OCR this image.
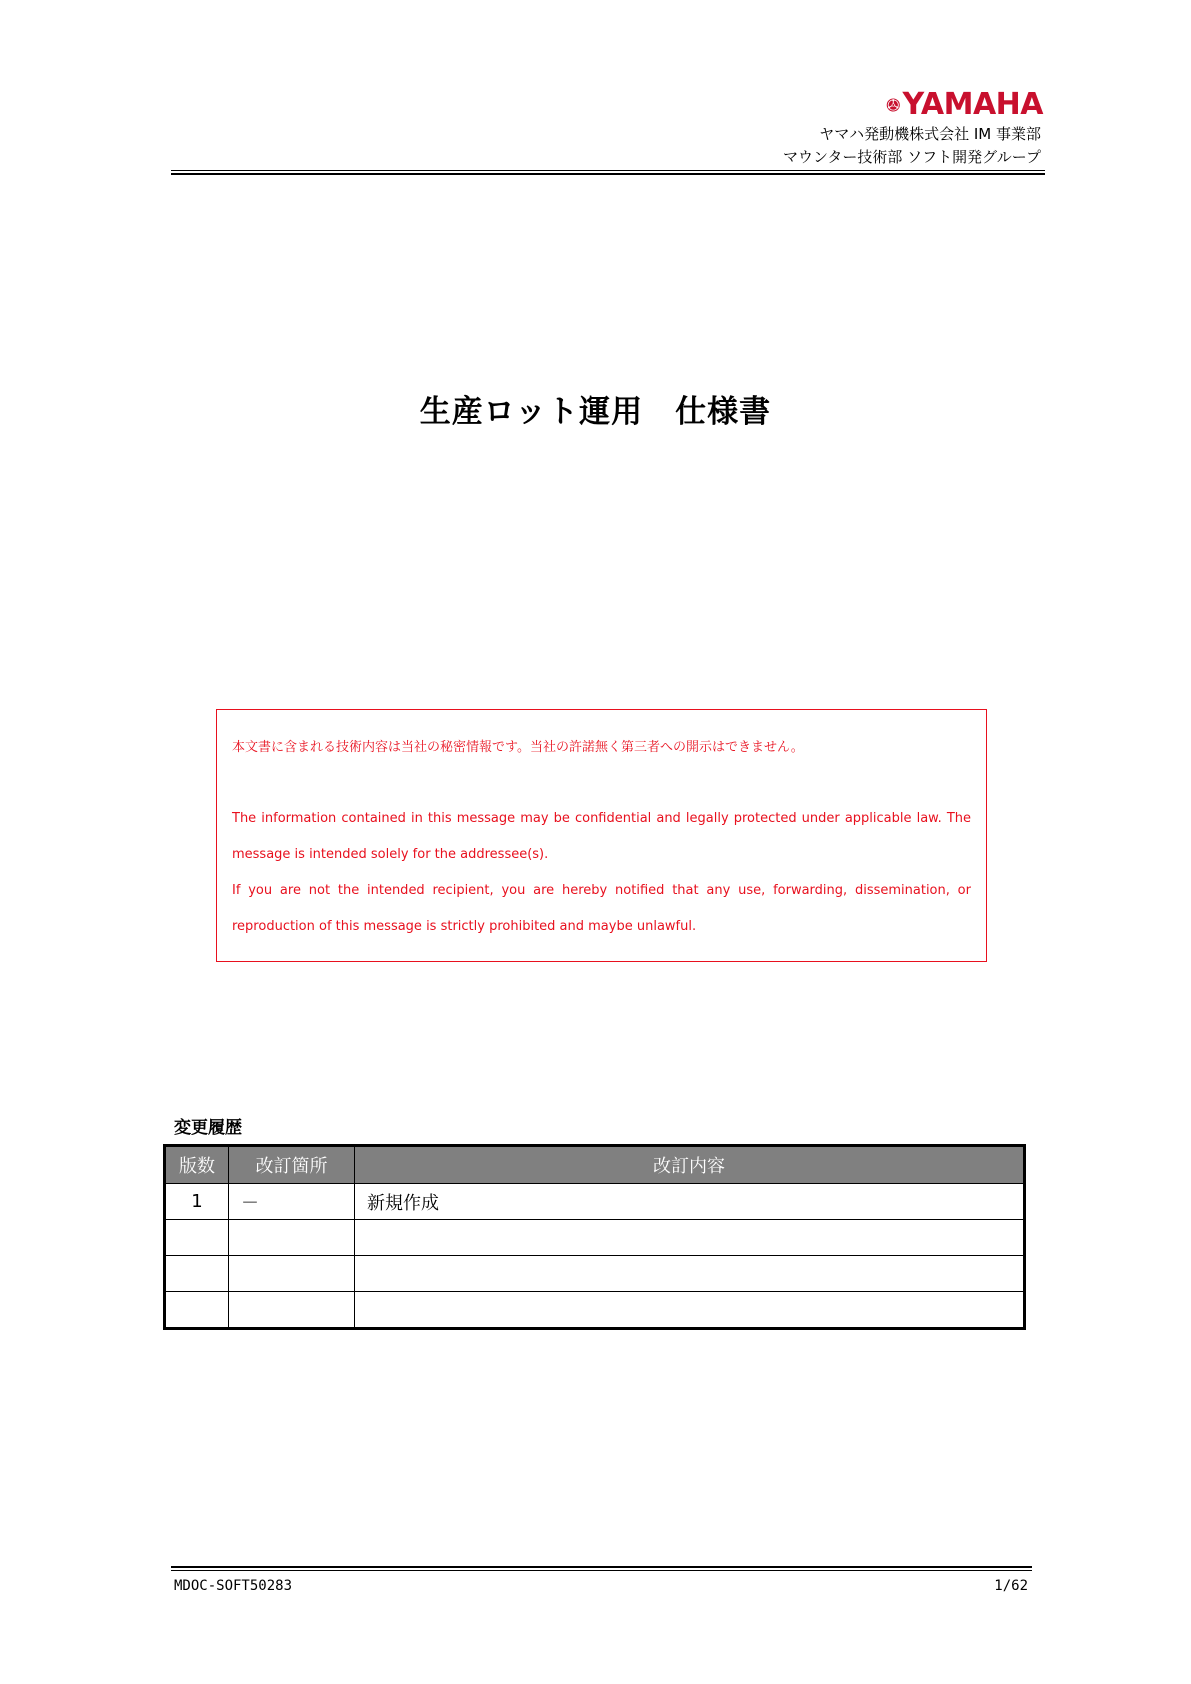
YAMAHA
ヤマハ発動機株式会社 IM 事業部
マウンター技術部 ソフト開発グループ
生産ロット運用　仕様書
本文書に含まれる技術内容は当社の秘密情報です。当社の許諾無く第三者への開示はできません。
The information contained in this message may be confidential and legally protected under applicable law. The message is intended solely for the addressee(s).
If you are not the intended recipient, you are hereby notified that any use, forwarding, dissemination, or reproduction of this message is strictly prohibited and maybe unlawful.
変更履歴
版数	改訂箇所	改訂内容
1	－	新規作成

MDOC-SOFT50283	1/62
